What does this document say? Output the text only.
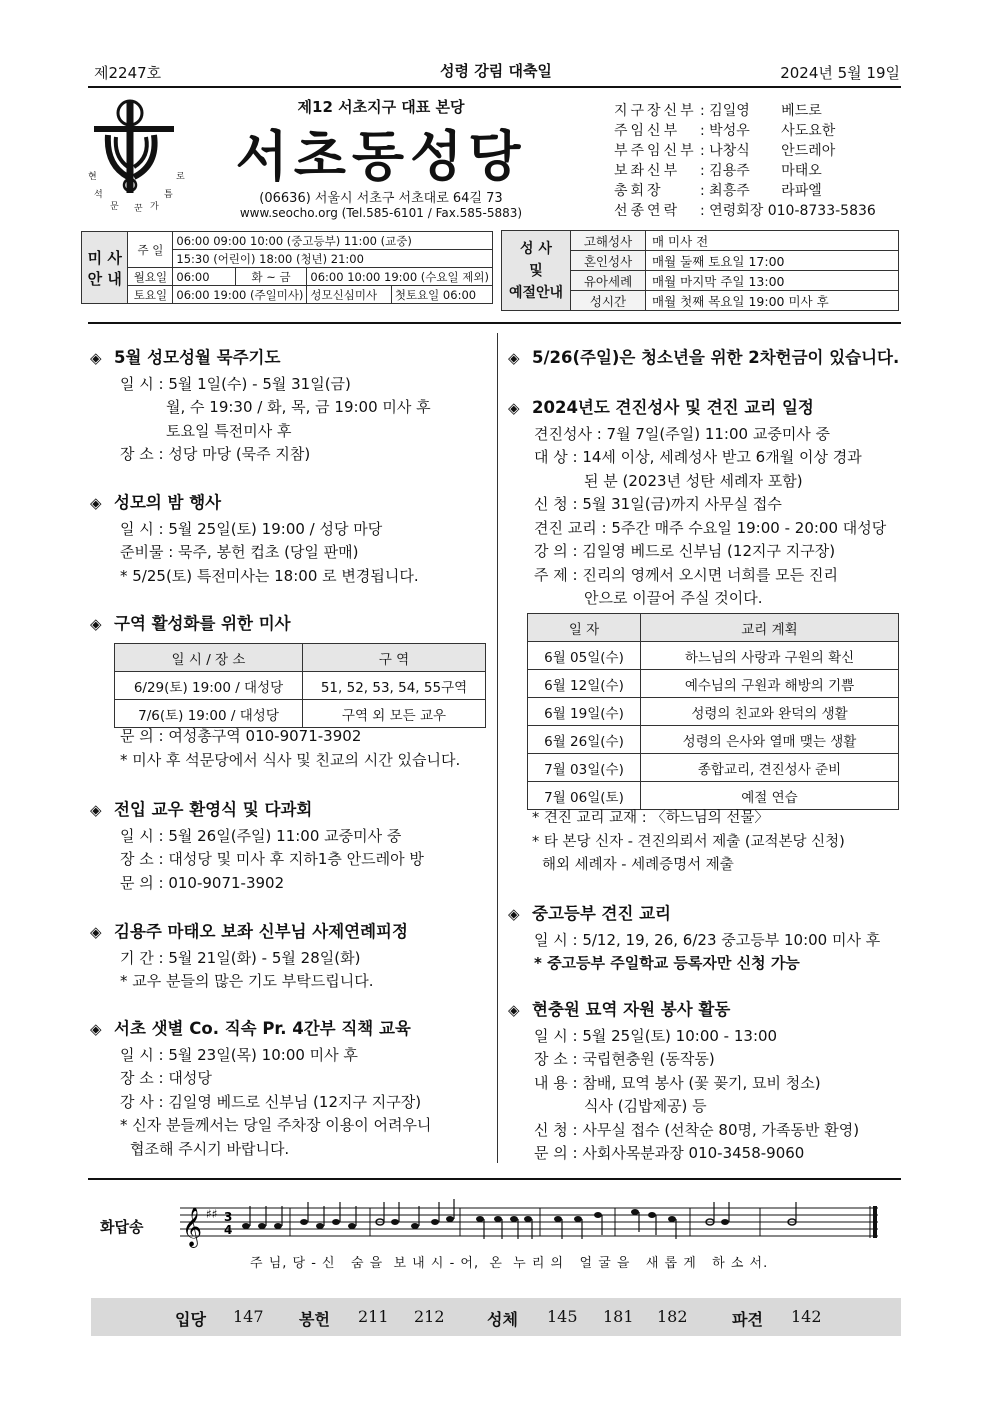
제2247호	성령 강림 대축일	2024년 5월 19일
현	로
석	틈
문 꾼 가
제12 서초지구 대표 본당
서초동성당
(06636) 서울시 서초구 서초대로 64길 73
www.seocho.org (Tel.585-6101 / Fax.585-5883)
지구장신부 : 김일영 베드로
주임신부 : 박성우 사도요한
부주임신부 : 나창식 안드레아
보좌신부 : 김용주 마태오
총회장	: 최흥주 라파엘
선종연락 : 연령회장 010-8733-5836
미 사
안 내	주 일	06:00 09:00 10:00 (중고등부) 11:00 (교중)			
		15:30 (어린이) 18:00 (청년) 21:00			
	월요일	06:00	화 ~ 금	06:00 10:00 19:00 (수요일 제외)	
	토요일	06:00 19:00 (주일미사)		성모신심미사	첫토요일 06:00
성 사
및
예절안내	고해성사	매 미사 전
	혼인성사	매월 둘째 토요일 17:00
	유아세례	매월 마지막 주일 13:00
	성시간	매월 첫째 목요일 19:00 미사 후
◈ 5월 성모성월 묵주기도
일 시 : 5월 1일(수) - 5월 31일(금)
월, 수 19:30 / 화, 목, 금 19:00 미사 후
토요일 특전미사 후
장 소 : 성당 마당 (묵주 지참)
◈ 성모의 밤 행사
일 시 : 5월 25일(토) 19:00 / 성당 마당
준비물 : 묵주, 봉헌 컵초 (당일 판매)
* 5/25(토) 특전미사는 18:00 로 변경됩니다.
◈ 구역 활성화를 위한 미사
일 시 / 장 소	구 역
6/29(토) 19:00 / 대성당	51, 52, 53, 54, 55구역
7/6(토) 19:00 / 대성당	구역 외 모든 교우
문 의 : 여성총구역 010-9071-3902
* 미사 후 석문당에서 식사 및 친교의 시간 있습니다.
◈ 전입 교우 환영식 및 다과회
일 시 : 5월 26일(주일) 11:00 교중미사 중
장 소 : 대성당 및 미사 후 지하1층 안드레아 방
문 의 : 010-9071-3902
◈ 김용주 마태오 보좌 신부님 사제연례피정
기 간 : 5월 21일(화) - 5월 28일(화)
* 교우 분들의 많은 기도 부탁드립니다.
◈ 서초 샛별 Co. 직속 Pr. 4간부 직책 교육
일 시 : 5월 23일(목) 10:00 미사 후
장 소 : 대성당
강 사 : 김일영 베드로 신부님 (12지구 지구장)
* 신자 분들께서는 당일 주차장 이용이 어려우니
협조해 주시기 바랍니다.
◈ 5/26(주일)은 청소년을 위한 2차헌금이 있습니다.
◈ 2024년도 견진성사 및 견진 교리 일정
견진성사 : 7월 7일(주일) 11:00 교중미사 중
대 상 : 14세 이상, 세례성사 받고 6개월 이상 경과
된 분 (2023년 성탄 세례자 포함)
신 청 : 5월 31일(금)까지 사무실 접수
견진 교리 : 5주간 매주 수요일 19:00 - 20:00 대성당
강 의 : 김일영 베드로 신부님 (12지구 지구장)
주 제 : 진리의 영께서 오시면 너희를 모든 진리
안으로 이끌어 주실 것이다.
일 자	교리 계획
6월 05일(수)	하느님의 사랑과 구원의 확신
6월 12일(수)	예수님의 구원과 해방의 기쁨
6월 19일(수)	성령의 친교와 완덕의 생활
6월 26일(수)	성령의 은사와 열매 맺는 생활
7월 03일(수)	종합교리, 견진성사 준비
7월 06일(토)	예절 연습
* 견진 교리 교재 : 〈하느님의 선물〉
* 타 본당 신자 - 견진의뢰서 제출 (교적본당 신청)
해외 세례자 - 세례증명서 제출
◈ 중고등부 견진 교리
일 시 : 5/12, 19, 26, 6/23 중고등부 10:00 미사 후
* 중고등부 주일학교 등록자만 신청 가능
◈ 현충원 묘역 자원 봉사 활동
일 시 : 5월 25일(토) 10:00 - 13:00
장 소 : 국립현충원 (동작동)
내 용 : 참배, 묘역 봉사 (꽃 꽂기, 묘비 청소)
식사 (김밥제공) 등
신 청 : 사무실 접수 (선착순 80명, 가족동반 환영)
문 의 : 사회사목분과장 010-3458-9060
화답송 𝄞 ♯♯ 3
4
주 님, 당 - 신   숨 을  보 내 시 - 어,  온  누 리 의   얼 굴 을   새 롭 게   하 소 서.
입당 147 봉헌 211 212	성체 145 181 182	파견 142
